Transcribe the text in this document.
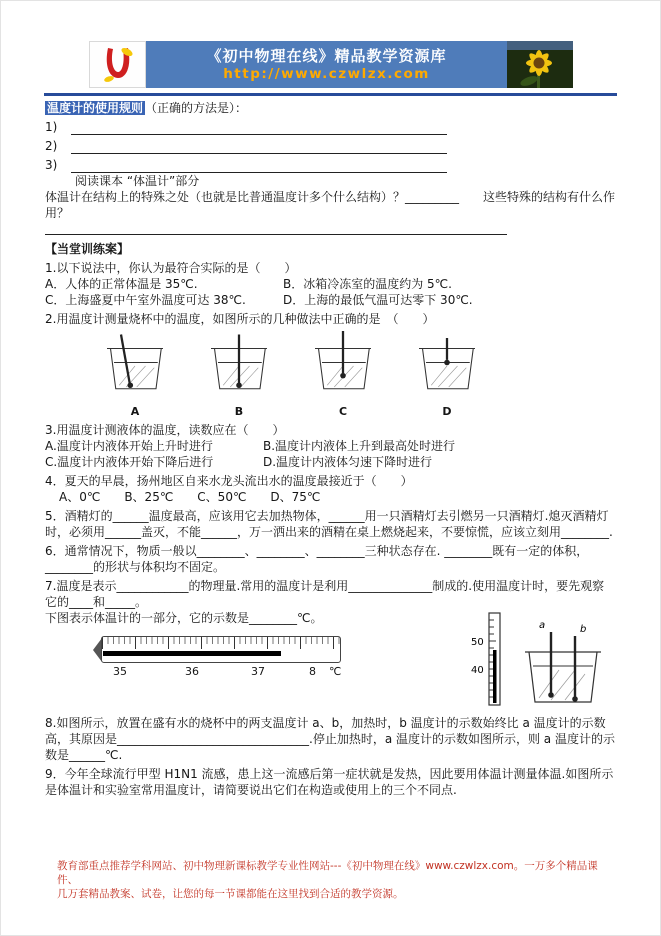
《初中物理在线》精品教学资源库
http://www.czwlzx.com

温度计的使用规则 （正确的方法是）：

1)
2)
3)

阅读课本 “体温计”部分

体温计在结构上的特殊之处（也就是比普通温度计多个什么结构）？_________　　这些特殊的结构有什么作用？

【当堂训练案】

1.以下说法中，你认为最符合实际的是（　　）

A．人体的正常体温是 35℃.	B．冰箱冷冻室的温度约为 5℃.
C．上海盛夏中午室外温度可达 38℃.	D．上海的最低气温可达零下 30℃.

2.用温度计测量烧杯中的温度，如图所示的几种做法中正确的是　（　　）

A	B	C	D

3.用温度计测液体的温度，读数应在（　　）

A.温度计内液体开始上升时进行	B.温度计内液体上升到最高处时进行
C.温度计内液体开始下降后进行	D.温度计内液体匀速下降时进行

4．夏天的早晨，扬州地区自来水龙头流出水的温度最接近于（　　）

A、0℃　　B、25℃　　C、50℃　　D、75℃

5．酒精灯的______温度最高，应该用它去加热物体，______用一只酒精灯去引燃另一只酒精灯.熄灭酒精灯时，必须用______盖灭，不能______，万一洒出来的酒精在桌上燃烧起来，不要惊慌，应该立刻用________.

6．通常情况下，物质一般以________、________、________三种状态存在. ________既有一定的体积，________的形状与体积均不固定。

7.温度是表示____________的物理量.常用的温度计是利用______________制成的.使用温度计时，要先观察它的____和_____。

下图表示体温计的一部分，它的示数是________℃。

35	36	37	8 ℃
50
40
a	b

8.如图所示，放置在盛有水的烧杯中的两支温度计 a、b，加热时，b 温度计的示数始终比 a 温度计的示数高，其原因是________________________________.停止加热时，a 温度计的示数如图所示，则 a 温度计的示数是______℃.

9．今年全球流行甲型 H1N1 流感，患上这一流感后第一症状就是发热，因此要用体温计测量体温.如图所示是体温计和实验室常用温度计，请简要说出它们在构造或使用上的三个不同点.

教育部重点推荐学科网站、初中物理新课标教学专业性网站---《初中物理在线》www.czwlzx.com。一万多个精品课件、
几万套精品教案、试卷，让您的每一节课都能在这里找到合适的教学资源。
